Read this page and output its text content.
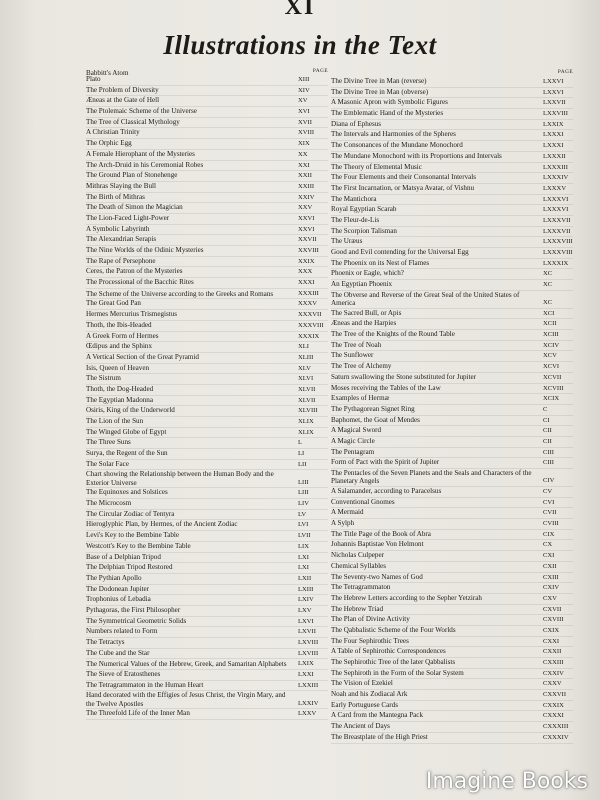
XI
Illustrations in the Text
PAGE
Plato	XIII
The Problem of Diversity	XIV
Æneas at the Gate of Hell	XV
The Ptolemaic Scheme of the Universe	XVI
The Tree of Classical Mythology	XVII
A Christian Trinity	XVIII
The Orphic Egg	XIX
A Female Hierophant of the Mysteries	XX
The Arch-Druid in his Ceremonial Robes	XXI
The Ground Plan of Stonehenge	XXII
Mithras Slaying the Bull	XXIII
The Birth of Mithras	XXIV
The Death of Simon the Magician	XXV
The Lion-Faced Light-Power	XXVI
A Symbolic Labyrinth	XXVI
The Alexandrian Serapis	XXVII
The Nine Worlds of the Odinic Mysteries	XXVIII
The Rape of Persephone	XXIX
Ceres, the Patron of the Mysteries	XXX
The Processional of the Bacchic Rites	XXXI
The Scheme of the Universe according to the Greeks and Romans	XXXIII
The Great God Pan	XXXV
Hermes Mercurius Trismegistus	XXXVII
Thoth, the Ibis-Headed	XXXVIII
A Greek Form of Hermes	XXXIX
Œdipus and the Sphinx	XLI
A Vertical Section of the Great Pyramid	XLIII
Isis, Queen of Heaven	XLV
The Sistrum	XLVI
Thoth, the Dog-Headed	XLVII
The Egyptian Madonna	XLVII
Osiris, King of the Underworld	XLVIII
The Lion of the Sun	XLIX
The Winged Globe of Egypt	XLIX
The Three Suns	L
Surya, the Regent of the Sun	LI
The Solar Face	LII
Chart showing the Relationship between the Human Body and the Exterior Universe	LIII
The Equinoxes and Solstices	LIII
The Microcosm	LIV
The Circular Zodiac of Tentyra	LV
Hieroglyphic Plan, by Hermes, of the Ancient Zodiac	LVI
Levi's Key to the Bembine Table	LVII
Westcott's Key to the Bembine Table	LIX
Base of a Delphian Tripod	LXI
The Delphian Tripod Restored	LXI
The Pythian Apollo	LXII
The Dodonean Jupiter	LXIII
Trophonius of Lebadia	LXIV
Pythagoras, the First Philosopher	LXV
The Symmetrical Geometric Solids	LXVI
Numbers related to Form	LXVII
The Tetractys	LXVIII
The Cube and the Star	LXVIII
The Numerical Values of the Hebrew, Greek, and Samaritan Alphabets	LXIX
The Sieve of Eratosthenes	LXXI
The Tetragrammaton in the Human Heart	LXXIII
Hand decorated with the Effigies of Jesus Christ, the Virgin Mary, and the Twelve Apostles	LXXIV
The Threefold Life of the Inner Man	LXXV
PAGE
The Divine Tree in Man (reverse)	LXXVI
The Divine Tree in Man (obverse)	LXXVI
A Masonic Apron with Symbolic Figures	LXXVII
The Emblematic Hand of the Mysteries	LXXVIII
Diana of Ephesus	LXXIX
The Intervals and Harmonies of the Spheres	LXXXI
The Consonances of the Mundane Monochord	LXXXI
The Mundane Monochord with its Proportions and Intervals	LXXXII
The Theory of Elemental Music	LXXXIII
The Four Elements and their Consonantal Intervals	LXXXIV
The First Incarnation, or Matsya Avatar, of Vishnu	LXXXV
The Mantichora	LXXXVI
Royal Egyptian Scarab	LXXXVI
The Fleur-de-Lis	LXXXVII
The Scorpion Talisman	LXXXVII
The Uræus	LXXXVIII
Good and Evil contending for the Universal Egg	LXXXVIII
The Phoenix on its Nest of Flames	LXXXIX
Phoenix or Eagle, which?	XC
An Egyptian Phoenix	XC
The Obverse and Reverse of the Great Seal of the United States of America	XC
The Sacred Bull, or Apis	XCI
Æneas and the Harpies	XCII
The Tree of the Knights of the Round Table	XCIII
The Tree of Noah	XCIV
The Sunflower	XCV
The Tree of Alchemy	XCVI
Saturn swallowing the Stone substituted for Jupiter	XCVII
Moses receiving the Tables of the Law	XCVIII
Examples of Hermæ	XCIX
The Pythagorean Signet Ring	C
Baphomet, the Goat of Mendes	CI
A Magical Sword	CII
A Magic Circle	CII
The Pentagram	CIII
Form of Pact with the Spirit of Jupiter	CIII
The Pentacles of the Seven Planets and the Seals and Characters of the Planetary Angels	CIV
A Salamander, according to Paracelsus	CV
Conventional Gnomes	CVI
A Mermaid	CVII
A Sylph	CVIII
The Title Page of the Book of Abra	CIX
Johannis Baptistae Von Helmont	CX
Nicholas Culpeper	CXI
Chemical Syllables	CXII
The Seventy-two Names of God	CXIII
The Tetragrammaton	CXIV
The Hebrew Letters according to the Sepher Yetzirah	CXV
The Hebrew Triad	CXVII
The Plan of Divine Activity	CXVIII
The Qabbalistic Scheme of the Four Worlds	CXIX
The Four Sephirothic Trees	CXXI
A Table of Sephirothic Correspondences	CXXII
The Sephirothic Tree of the later Qabbalists	CXXIII
The Sephiroth in the Form of the Solar System	CXXIV
The Vision of Ezekiel	CXXV
Noah and his Zodiacal Ark	CXXVII
Early Portuguese Cards	CXXIX
A Card from the Mantegna Pack	CXXXI
The Ancient of Days	CXXXIII
The Breastplate of the High Priest	CXXXIV
Babbitt's Atom
Imagine Books
